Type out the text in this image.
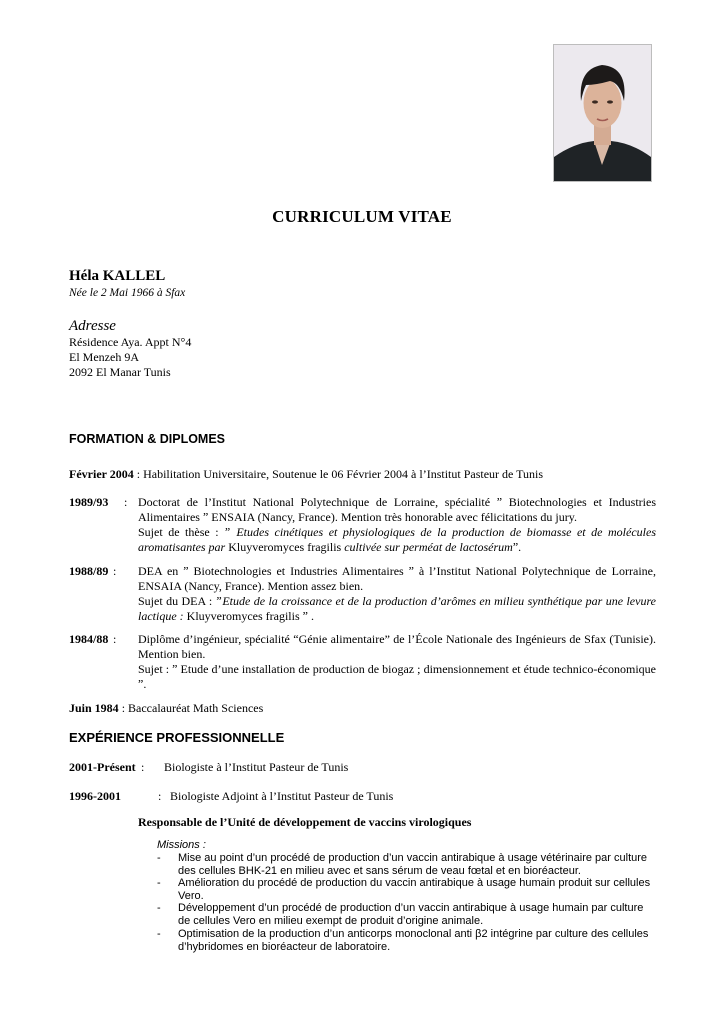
CURRICULUM VITAE
Héla KALLEL
Née le 2 Mai 1966 à Sfax
Adresse
Résidence Aya. Appt N°4
El Menzeh 9A
2092 El Manar Tunis
FORMATION & DIPLOMES
Février 2004 : Habilitation Universitaire, Soutenue le 06 Février 2004 à l’Institut Pasteur de Tunis
1989/93 : Doctorat de l’Institut National Polytechnique de Lorraine, spécialité ˮ Biotechnologies et Industries Alimentaires ˮ ENSAIA (Nancy, France). Mention très honorable avec félicitations du jury.
Sujet de thèse : ˮ Etudes cinétiques et physiologiques de la production de biomasse et de molécules aromatisantes par Kluyveromyces fragilis cultivée sur perméat de lactosérumˮ.
1988/89 : DEA en ˮ Biotechnologies et Industries Alimentaires ˮ à l’Institut National Polytechnique de Lorraine, ENSAIA (Nancy, France). Mention assez bien.
Sujet du DEA : ˮEtude de la croissance et de la production d’arômes en milieu synthétique par une levure lactique : Kluyveromyces fragilis ˮ .
1984/88 : Diplôme d’ingénieur, spécialité “Génie alimentaire” de l’École Nationale des Ingénieurs de Sfax (Tunisie). Mention bien.
Sujet : ˮ Etude d’une installation de production de biogaz ; dimensionnement et étude technico-économique ˮ.
Juin 1984 : Baccalauréat Math Sciences
EXPÉRIENCE PROFESSIONNELLE
2001-Présent : Biologiste à l’Institut Pasteur de Tunis
1996-2001	: Biologiste Adjoint à l’Institut Pasteur de Tunis
Responsable de l’Unité de développement de vaccins virologiques
Missions :
- Mise au point d’un procédé de production d’un vaccin antirabique à usage vétérinaire par culture des cellules BHK-21 en milieu avec et sans sérum de veau fœtal et en bioréacteur.
- Amélioration du procédé de production du vaccin antirabique à usage humain produit sur cellules Vero.
- Développement d’un procédé de production d’un vaccin antirabique à usage humain par culture de cellules Vero en milieu exempt de produit d’origine animale.
- Optimisation de la production d’un anticorps monoclonal anti β2 intégrine par culture des cellules d’hybridomes en bioréacteur de laboratoire.
